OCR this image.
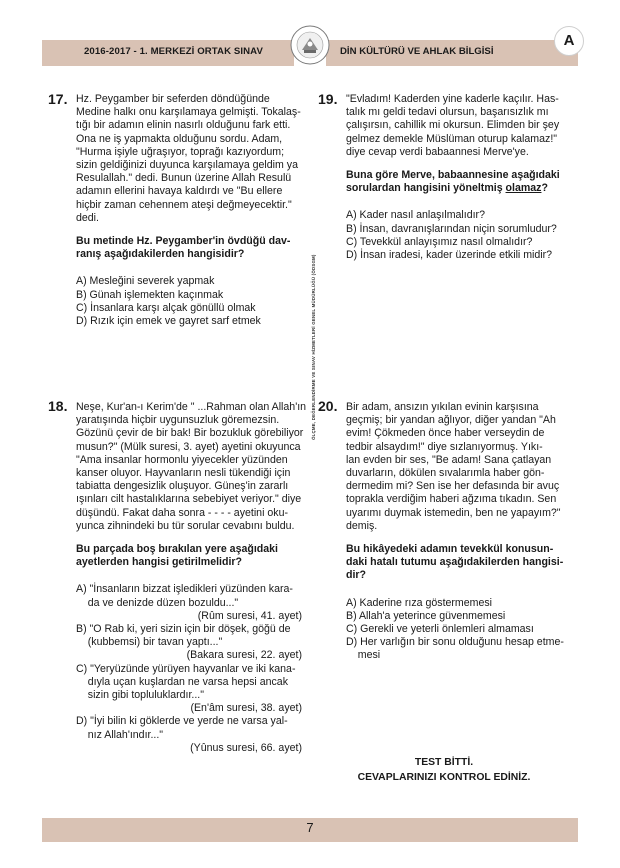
2016-2017 - 1. MERKEZİ ORTAK SINAV	DİN KÜLTÜRÜ VE AHLAK BİLGİSİ
A
ÖLÇME, DEĞERLENDİRME VE SINAV HİZMETLERİ GENEL MÜDÜRLÜĞÜ (ÖDSGM)
17. Hz. Peygamber bir seferden döndüğünde
Medine halkı onu karşılamaya gelmişti. Tokalaş-
tığı bir adamın elinin nasırlı olduğunu fark etti.
Ona ne iş yapmakta olduğunu sordu. Adam,
"Hurma işiyle uğraşıyor, toprağı kazıyordum;
sizin geldiğinizi duyunca karşılamaya geldim ya
Resulallah." dedi. Bunun üzerine Allah Resulü
adamın ellerini havaya kaldırdı ve "Bu ellere
hiçbir zaman cehennem ateşi değmeyecektir."
dedi.
Bu metinde Hz. Peygamber'in övdüğü dav-
ranış aşağıdakilerden hangisidir?
A) Mesleğini severek yapmak
B) Günah işlemekten kaçınmak
C) İnsanlara karşı alçak gönüllü olmak
D) Rızık için emek ve gayret sarf etmek
19. "Evladım! Kaderden yine kaderle kaçılır. Has-
talık mı geldi tedavi olursun, başarısızlık mı
çalışırsın, cahillik mi okursun. Elimden bir şey
gelmez demekle Müslüman oturup kalamaz!"
diye cevap verdi babaannesi Merve'ye.
Buna göre Merve, babaannesine aşağıdaki
sorulardan hangisini yöneltmiş olamaz?
A) Kader nasıl anlaşılmalıdır?
B) İnsan, davranışlarından niçin sorumludur?
C) Tevekkül anlayışımız nasıl olmalıdır?
D) İnsan iradesi, kader üzerinde etkili midir?
18. Neşe, Kur'an-ı Kerim'de " ...Rahman olan Allah'ın
yaratışında hiçbir uygunsuzluk göremezsin.
Gözünü çevir de bir bak! Bir bozukluk görebiliyor
musun?" (Mülk suresi, 3. ayet) ayetini okuyunca
"Ama insanlar hormonlu yiyecekler yüzünden
kanser oluyor. Hayvanların nesli tükendiği için
tabiatta dengesizlik oluşuyor. Güneş'in zararlı
ışınları cilt hastalıklarına sebebiyet veriyor." diye
düşündü. Fakat daha sonra - - - - ayetini oku-
yunca zihnindeki bu tür sorular cevabını buldu.
Bu parçada boş bırakılan yere aşağıdaki
ayetlerden hangisi getirilmelidir?
A) "İnsanların bizzat işledikleri yüzünden kara-
da ve denizde düzen bozuldu..."
(Rûm suresi, 41. ayet)
B) "O Rab ki, yeri sizin için bir döşek, göğü de
(kubbemsi) bir tavan yaptı..."
(Bakara suresi, 22. ayet)
C) "Yeryüzünde yürüyen hayvanlar ve iki kana-
dıyla uçan kuşlardan ne varsa hepsi ancak
sizin gibi topluluklardır..."
(En'âm suresi, 38. ayet)
D) "İyi bilin ki göklerde ve yerde ne varsa yal-
nız Allah'ındır..."
(Yûnus suresi, 66. ayet)
20. Bir adam, ansızın yıkılan evinin karşısına
geçmiş; bir yandan ağlıyor, diğer yandan "Ah
evim! Çökmeden önce haber verseydin de
tedbir alsaydım!" diye sızlanıyormuş. Yıkı-
lan evden bir ses, "Be adam! Sana çatlayan
duvarların, dökülen sıvalarımla haber gön-
dermedim mi? Sen ise her defasında bir avuç
toprakla verdiğim haberi ağzıma tıkadın. Sen
uyarımı duymak istemedin, ben ne yapayım?"
demiş.
Bu hikâyedeki adamın tevekkül konusun-
daki hatalı tutumu aşağıdakilerden hangisi-
dir?
A) Kaderine rıza göstermemesi
B) Allah'a yeterince güvenmemesi
C) Gerekli ve yeterli önlemleri almaması
D) Her varlığın bir sonu olduğunu hesap etme-
mesi
TEST BİTTİ.
CEVAPLARINIZI KONTROL EDİNİZ.
7
